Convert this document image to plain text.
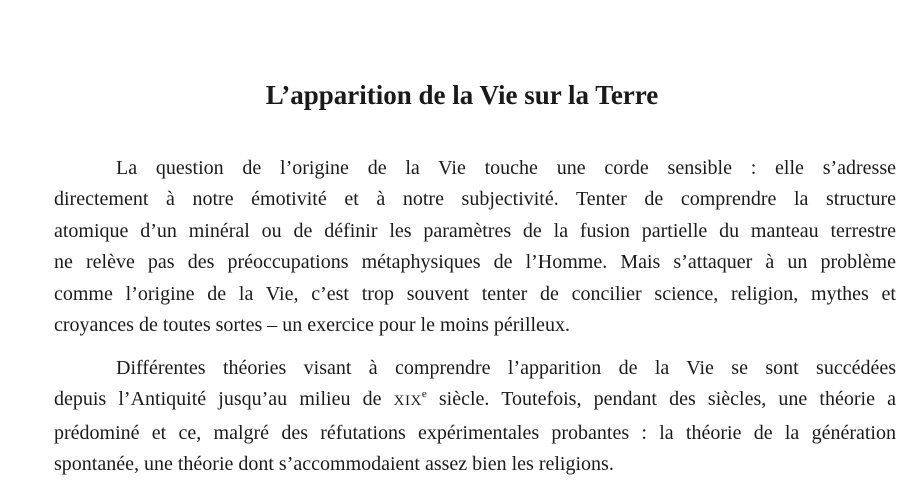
L’apparition de la Vie sur la Terre
La question de l’origine de la Vie touche une corde sensible : elle s’adresse
directement à notre émotivité et à notre subjectivité. Tenter de comprendre la structure
atomique d’un minéral ou de définir les paramètres de la fusion partielle du manteau terrestre
ne relève pas des préoccupations métaphysiques de l’Homme. Mais s’attaquer à un problème
comme l’origine de la Vie, c’est trop souvent tenter de concilier science, religion, mythes et
croyances de toutes sortes – un exercice pour le moins périlleux.
Différentes théories visant à comprendre l’apparition de la Vie se sont succédées
depuis l’Antiquité jusqu’au milieu de XIXe siècle. Toutefois, pendant des siècles, une théorie a
prédominé et ce, malgré des réfutations expérimentales probantes : la théorie de la génération
spontanée, une théorie dont s’accommodaient assez bien les religions.
